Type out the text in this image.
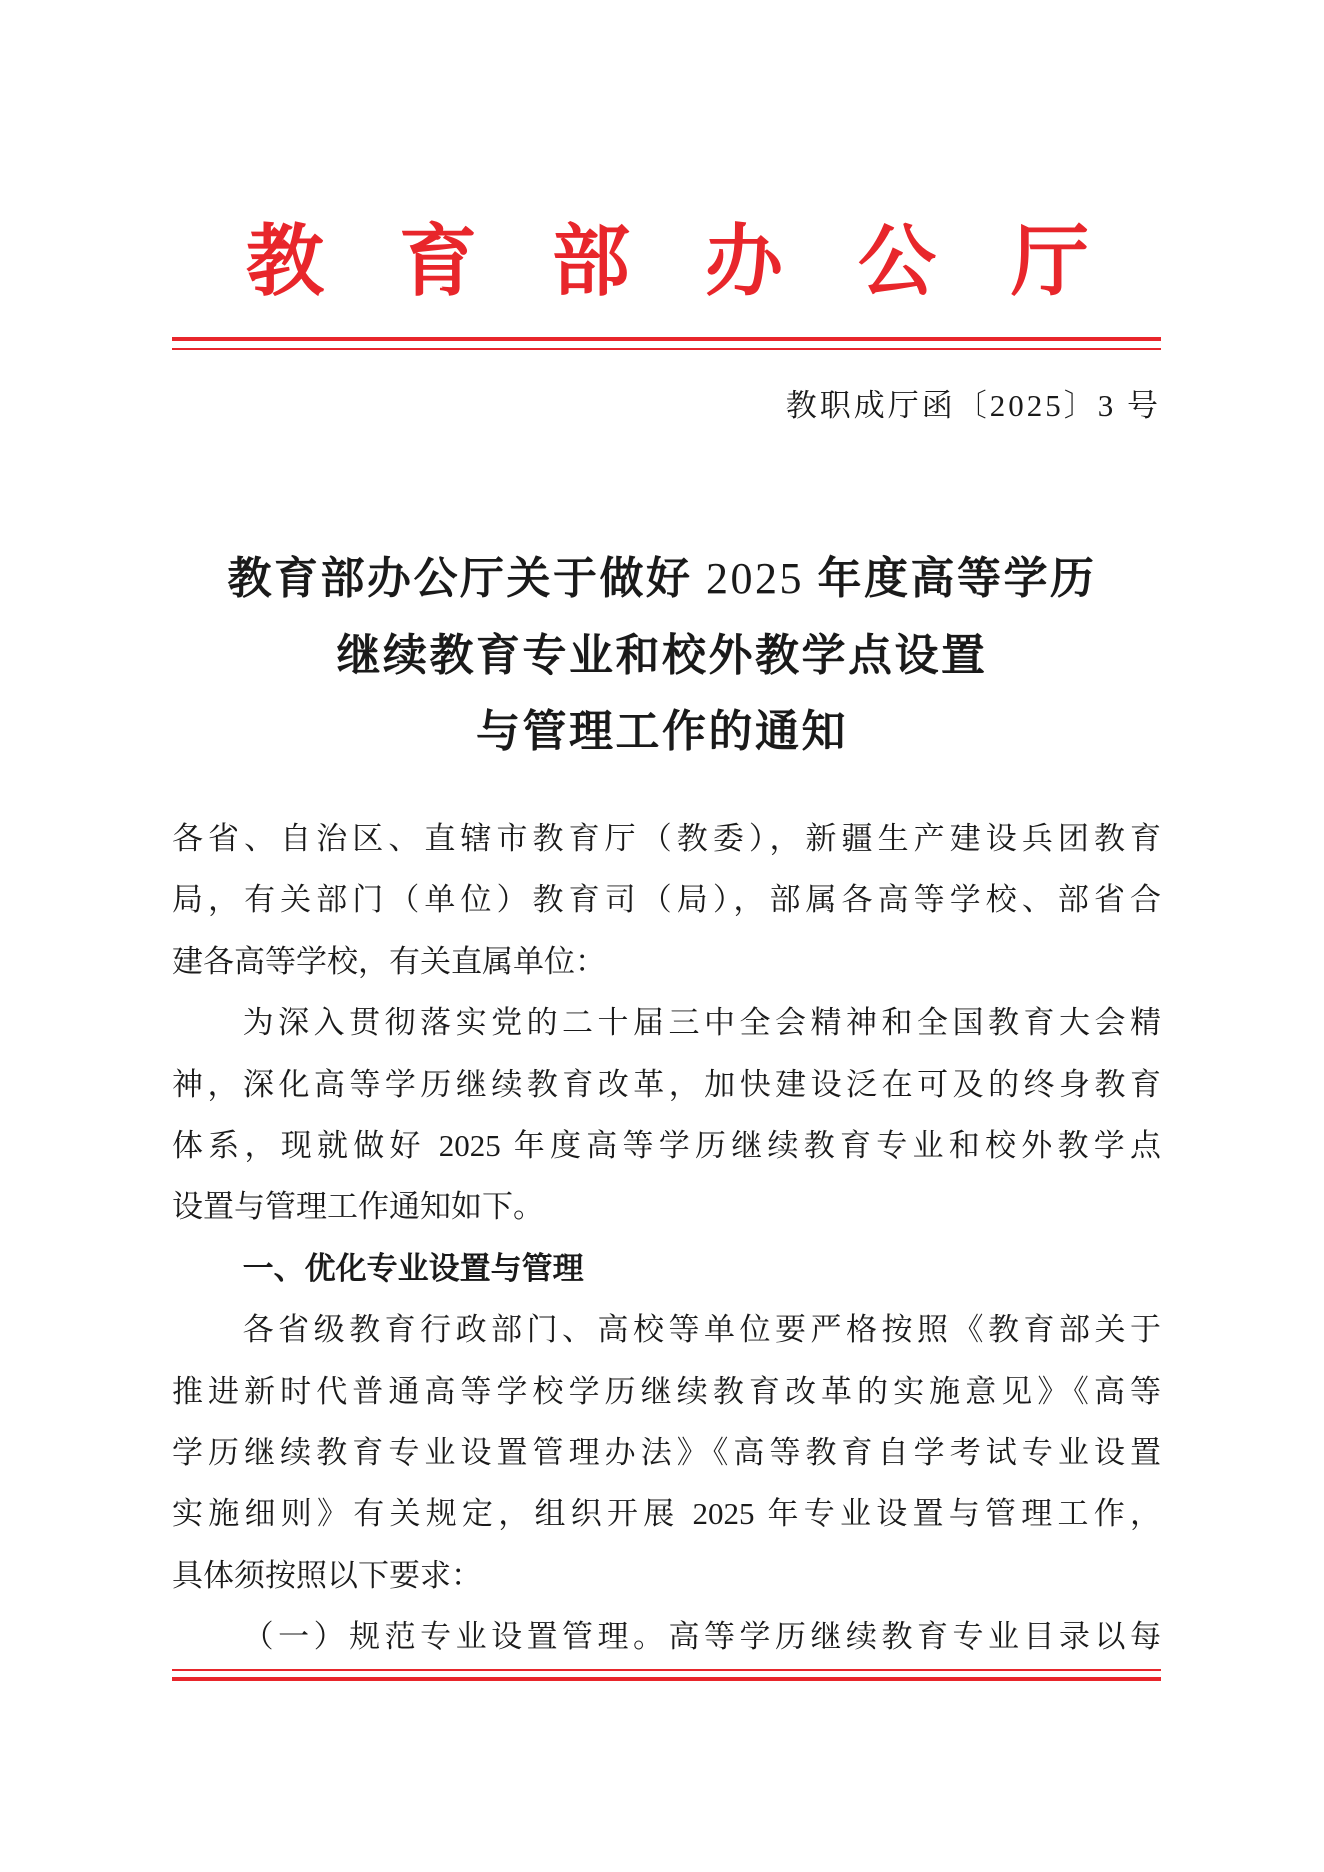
教育部办公厅
教职成厅函〔2025〕3 号
教育部办公厅关于做好 2025 年度高等学历
继续教育专业和校外教学点设置
与管理工作的通知
各省、自治区、直辖市教育厅（教委），新疆生产建设兵团教育
局，有关部门（单位）教育司（局），部属各高等学校、部省合
建各高等学校，有关直属单位：
为深入贯彻落实党的二十届三中全会精神和全国教育大会精
神，深化高等学历继续教育改革，加快建设泛在可及的终身教育
体系，现就做好 2025 年度高等学历继续教育专业和校外教学点
设置与管理工作通知如下。
一、优化专业设置与管理
各省级教育行政部门、高校等单位要严格按照《教育部关于
推进新时代普通高等学校学历继续教育改革的实施意见》《高等
学历继续教育专业设置管理办法》《高等教育自学考试专业设置
实施细则》有关规定，组织开展 2025 年专业设置与管理工作，
具体须按照以下要求：
（一）规范专业设置管理。高等学历继续教育专业目录以每
